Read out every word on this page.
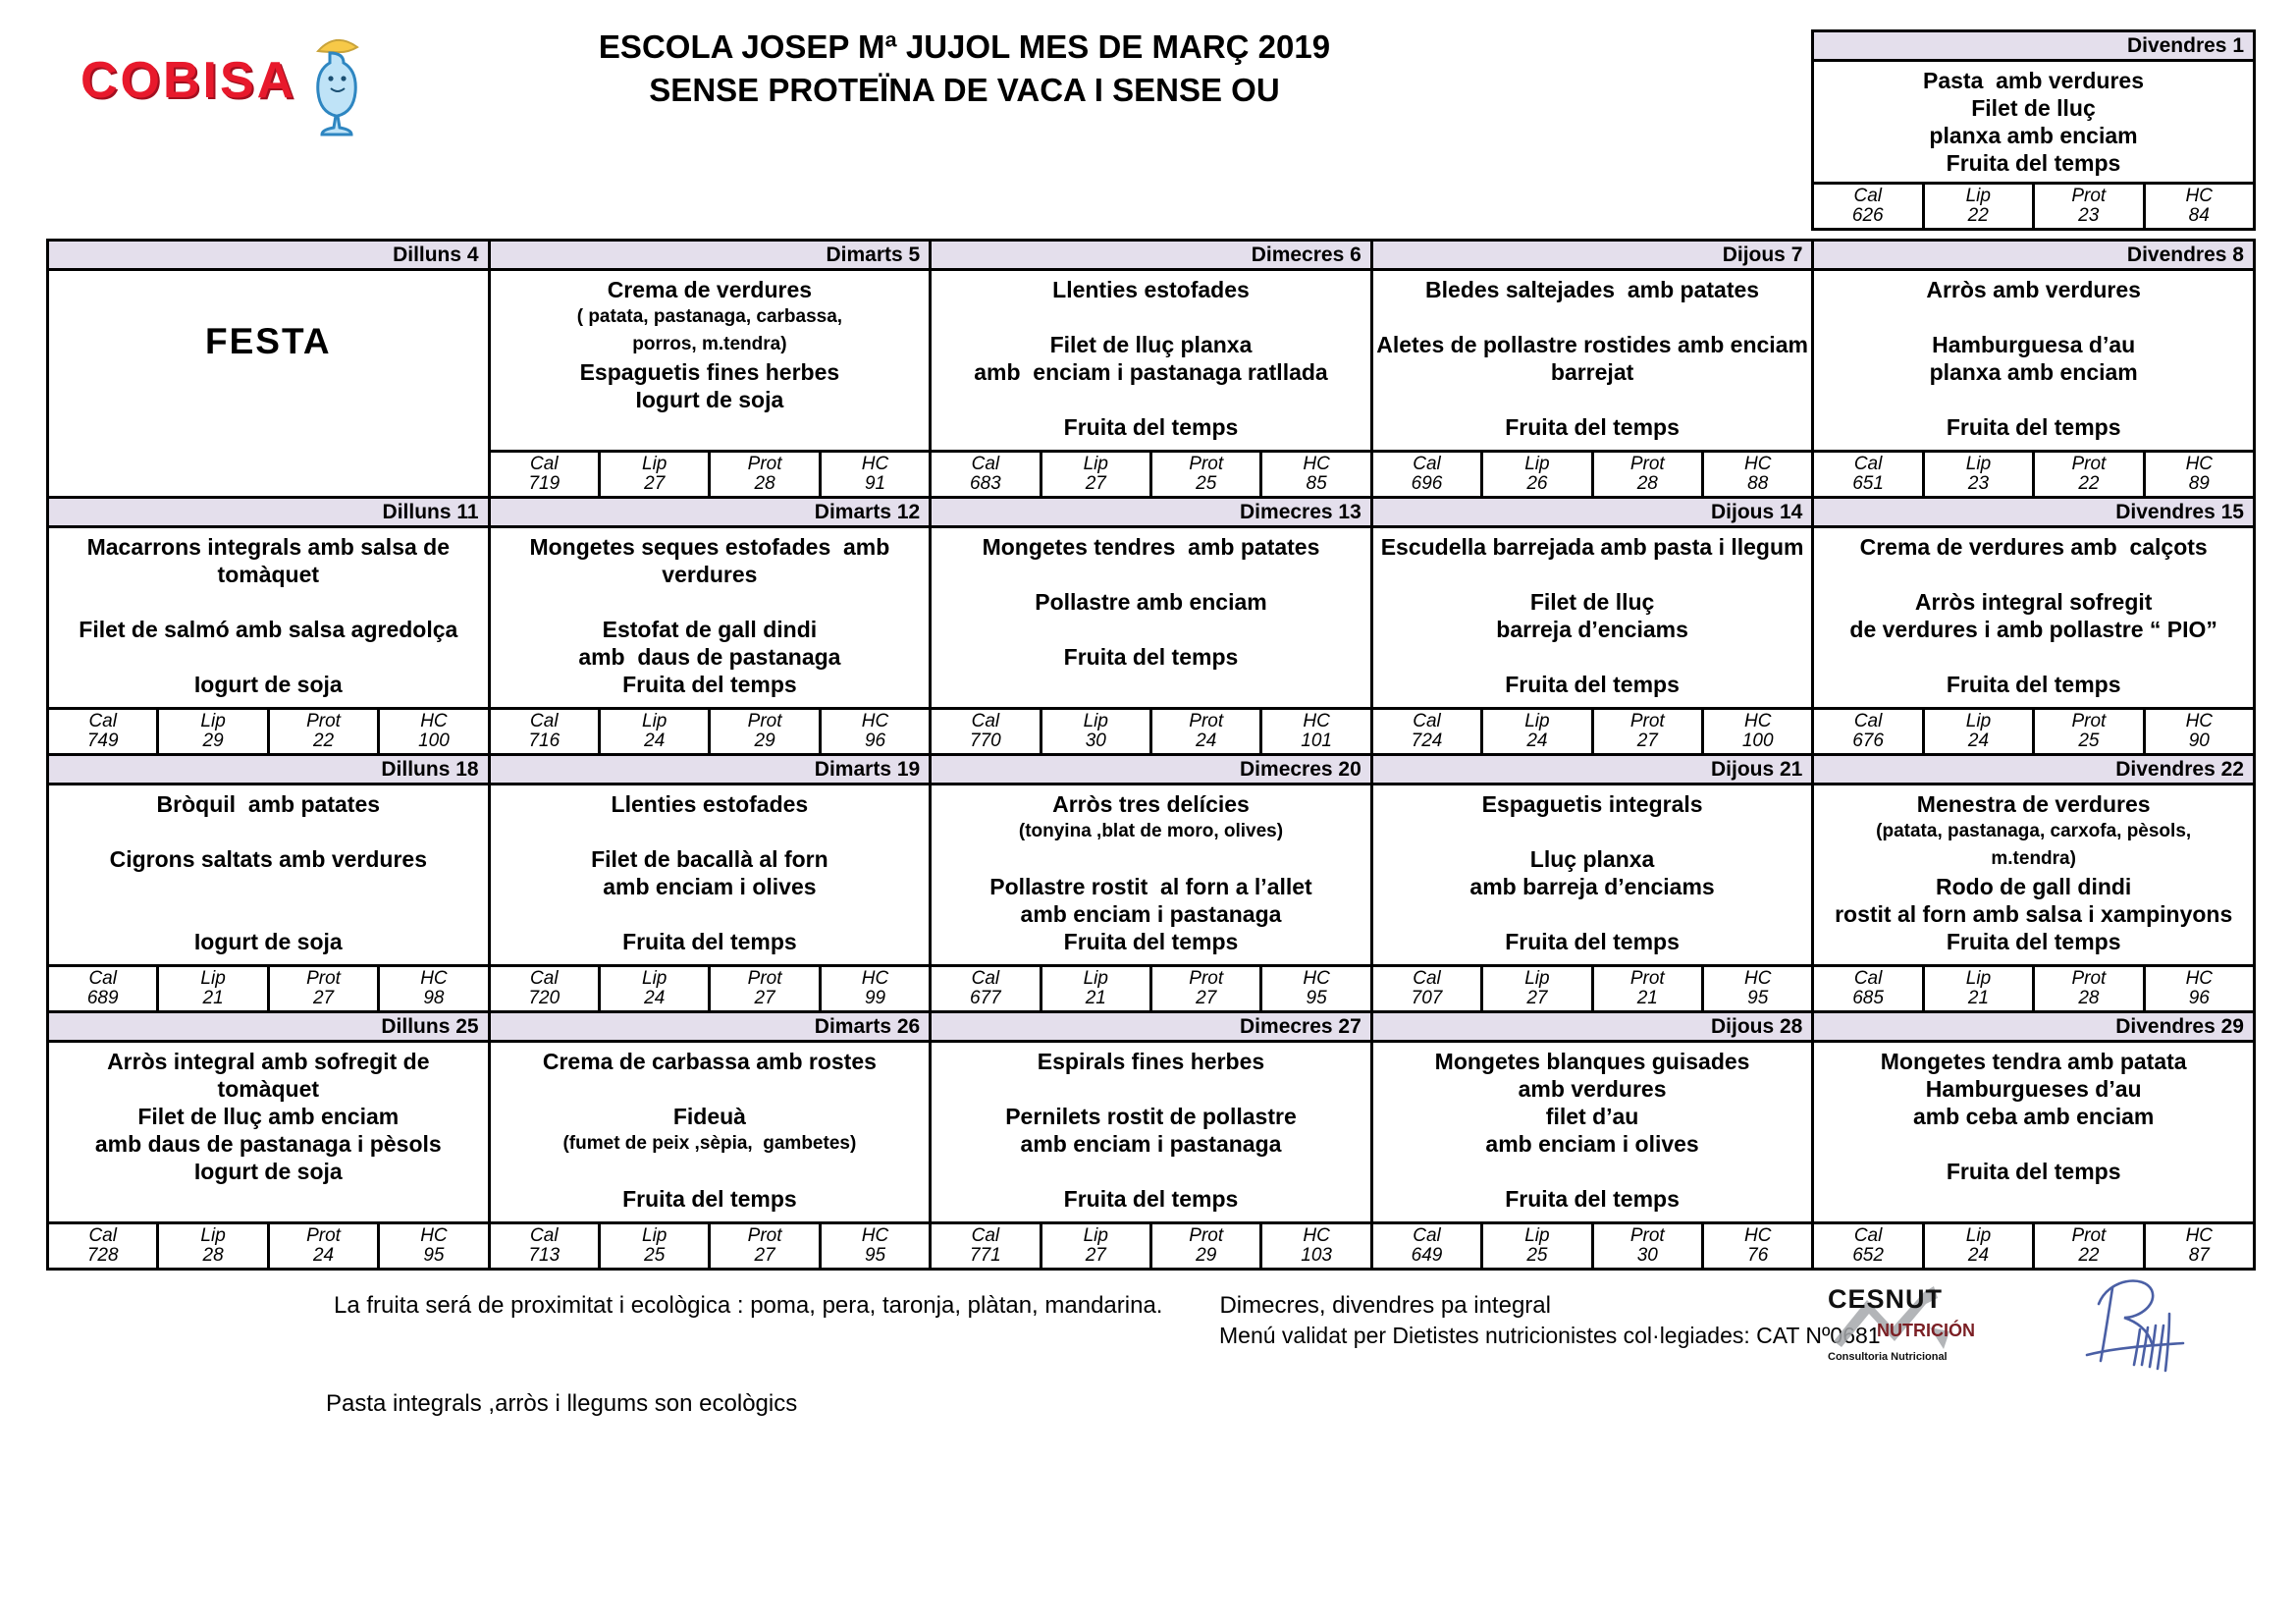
COBISA
ESCOLA JOSEP Mª JUJOL MES DE MARÇ 2019
SENSE PROTEÏNA DE VACA I SENSE OU
Divendres 1
Pasta  amb verdures
Filet de lluç
planxa amb enciam
Fruita del temps
Cal
626
Lip
22
Prot
23
HC
84
Dilluns 4
FESTA
Dimarts 5
Crema de verdures
( patata, pastanaga, carbassa,
porros, m.tendra)
Espaguetis fines herbes
Iogurt de soja
Cal
719
Lip
27
Prot
28
HC
91
Dimecres 6
Llenties estofades

Filet de lluç planxa
amb  enciam i pastanaga ratllada

Fruita del temps
Cal
683
Lip
27
Prot
25
HC
85
Dijous 7
Bledes saltejades  amb patates

Aletes de pollastre rostides amb enciam
barrejat

Fruita del temps
Cal
696
Lip
26
Prot
28
HC
88
Divendres 8
Arròs amb verdures

Hamburguesa d’au
planxa amb enciam

Fruita del temps
Cal
651
Lip
23
Prot
22
HC
89
Dilluns 11
Macarrons integrals amb salsa de
tomàquet

Filet de salmó amb salsa agredolça

Iogurt de soja
Cal
749
Lip
29
Prot
22
HC
100
Dimarts 12
Mongetes seques estofades  amb
verdures

Estofat de gall dindi
amb  daus de pastanaga
Fruita del temps
Cal
716
Lip
24
Prot
29
HC
96
Dimecres 13
Mongetes tendres  amb patates

Pollastre amb enciam

Fruita del temps
Cal
770
Lip
30
Prot
24
HC
101
Dijous 14
Escudella barrejada amb pasta i llegum

Filet de lluç
barreja d’enciams

Fruita del temps
Cal
724
Lip
24
Prot
27
HC
100
Divendres 15
Crema de verdures amb  calçots

Arròs integral sofregit
de verdures i amb pollastre “ PIO”

Fruita del temps
Cal
676
Lip
24
Prot
25
HC
90
Dilluns 18
Bròquil  amb patates

Cigrons saltats amb verdures

Iogurt de soja
Cal
689
Lip
21
Prot
27
HC
98
Dimarts 19
Llenties estofades

Filet de bacallà al forn
amb enciam i olives

Fruita del temps
Cal
720
Lip
24
Prot
27
HC
99
Dimecres 20
Arròs tres delícies
(tonyina ,blat de moro, olives)

Pollastre rostit  al forn a l’allet
amb enciam i pastanaga
Fruita del temps
Cal
677
Lip
21
Prot
27
HC
95
Dijous 21
Espaguetis integrals

Lluç planxa
amb barreja d’enciams

Fruita del temps
Cal
707
Lip
27
Prot
21
HC
95
Divendres 22
Menestra de verdures
(patata, pastanaga, carxofa, pèsols,
m.tendra)
Rodo de gall dindi
rostit al forn amb salsa i xampinyons
Fruita del temps
Cal
685
Lip
21
Prot
28
HC
96
Dilluns 25
Arròs integral amb sofregit de
tomàquet
Filet de lluç amb enciam
amb daus de pastanaga i pèsols
Iogurt de soja
Cal
728
Lip
28
Prot
24
HC
95
Dimarts 26
Crema de carbassa amb rostes

Fideuà
(fumet de peix ,sèpia,  gambetes)

Fruita del temps
Cal
713
Lip
25
Prot
27
HC
95
Dimecres 27
Espirals fines herbes

Pernilets rostit de pollastre
amb enciam i pastanaga

Fruita del temps
Cal
771
Lip
27
Prot
29
HC
103
Dijous 28
Mongetes blanques guisades
amb verdures
filet d’au
amb enciam i olives

Fruita del temps
Cal
649
Lip
25
Prot
30
HC
76
Divendres 29
Mongetes tendra amb patata
Hamburgueses d’au
amb ceba amb enciam

Fruita del temps
Cal
652
Lip
24
Prot
22
HC
87
La fruita será de proximitat i ecològica : poma, pera, taronja, plàtan, mandarina. Dimecres, divendres pa integral
Menú validat per Dietistes nutricionistes col·legiades: CAT Nº0681
Pasta integrals ,arròs i llegums son ecològics
CESNUT
NUTRICIÓN
Consultoria Nutricional
